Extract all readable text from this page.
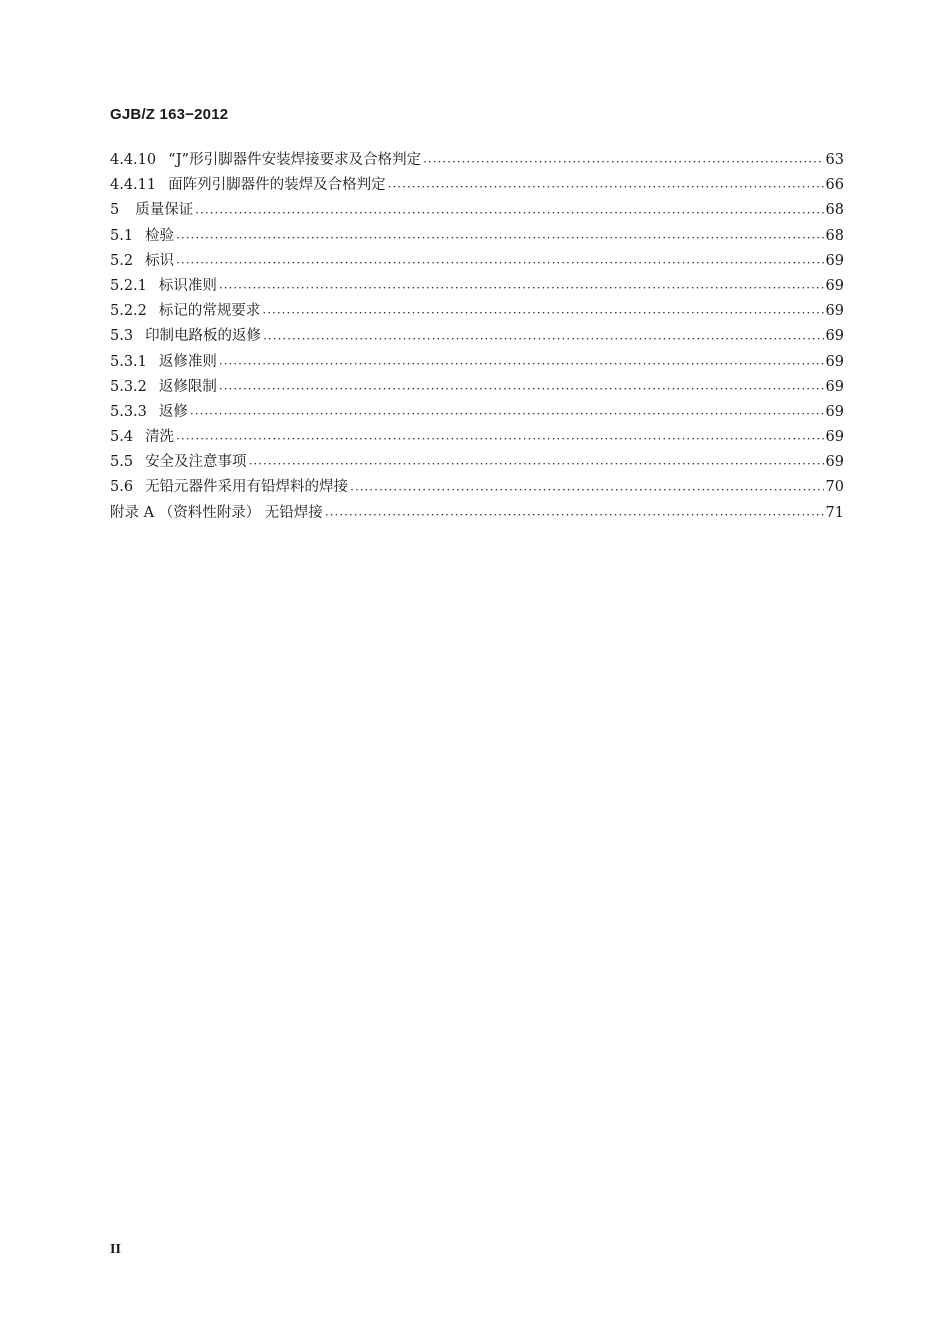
GJB/Z 163−2012
4.4.10 “J”形引脚器件安装焊接要求及合格判定 ·····	63
4.4.11 面阵列引脚器件的装焊及合格判定 ·····	66
5 质量保证 ·····	68
5.1 检验 ·····	68
5.2 标识 ·····	69
5.2.1 标识准则 ·····	69
5.2.2 标记的常规要求 ·····	69
5.3 印制电路板的返修 ·····	69
5.3.1 返修准则 ·····	69
5.3.2 返修限制 ·····	69
5.3.3 返修 ·····	69
5.4 清洗 ·····	69
5.5 安全及注意事项 ·····	69
5.6 无铅元器件采用有铅焊料的焊接 ·····	70
附录 A （资料性附录） 无铅焊接 ·····	71
II
